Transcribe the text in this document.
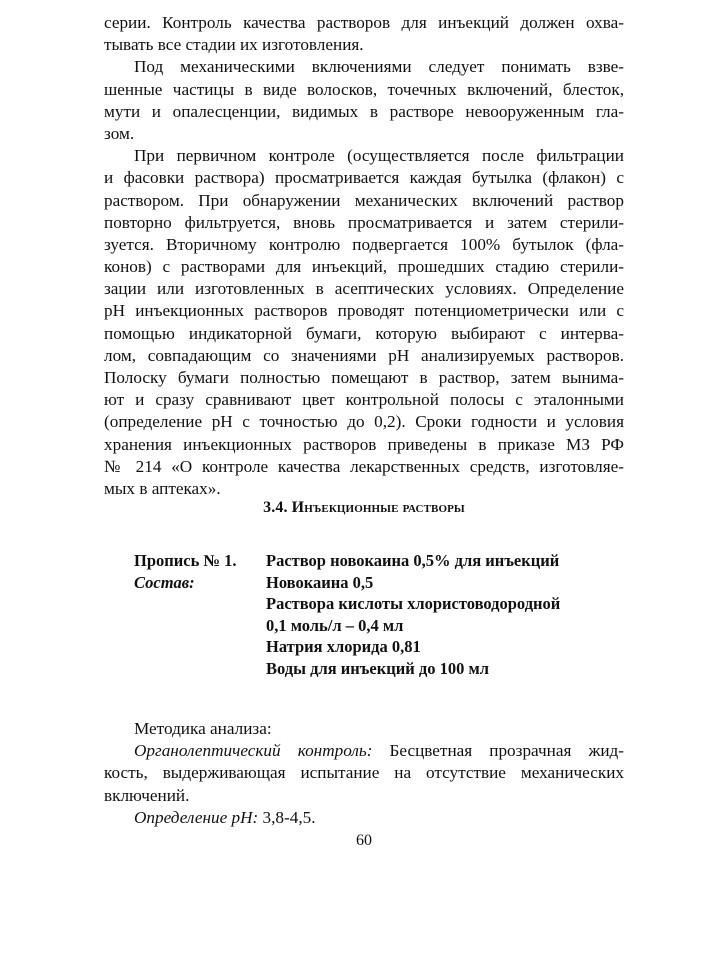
серии. Контроль качества растворов для инъекций должен охва-
тывать все стадии их изготовления.
Под механическими включениями следует понимать взве-
шенные частицы в виде волосков, точечных включений, блесток,
мути и опалесценции, видимых в растворе невооруженным гла-
зом.
При первичном контроле (осуществляется после фильтрации
и фасовки раствора) просматривается каждая бутылка (флакон) с
раствором. При обнаружении механических включений раствор
повторно фильтруется, вновь просматривается и затем стерили-
зуется. Вторичному контролю подвергается 100% бутылок (фла-
конов) с растворами для инъекций, прошедших стадию стерили-
зации или изготовленных в асептических условиях. Определение
pH инъекционных растворов проводят потенциометрически или с
помощью индикаторной бумаги, которую выбирают с интерва-
лом, совпадающим со значениями pH анализируемых растворов.
Полоску бумаги полностью помещают в раствор, затем вынима-
ют и сразу сравнивают цвет контрольной полосы с эталонными
(определение pH с точностью до 0,2). Сроки годности и условия
хранения инъекционных растворов приведены в приказе МЗ РФ
№ 214 «О контроле качества лекарственных средств, изготовляе-
мых в аптеках».
3.4. Инъекционные растворы
Пропись № 1.	Раствор новокаина 0,5% для инъекций
Состав:	Новокаина 0,5
Раствора кислоты хлористоводородной
0,1 моль/л – 0,4 мл
Натрия хлорида 0,81
Воды для инъекций до 100 мл
Методика анализа:
Органолептический контроль: Бесцветная прозрачная жид-
кость, выдерживающая испытание на отсутствие механических
включений.
Определение pH: 3,8-4,5.
60
